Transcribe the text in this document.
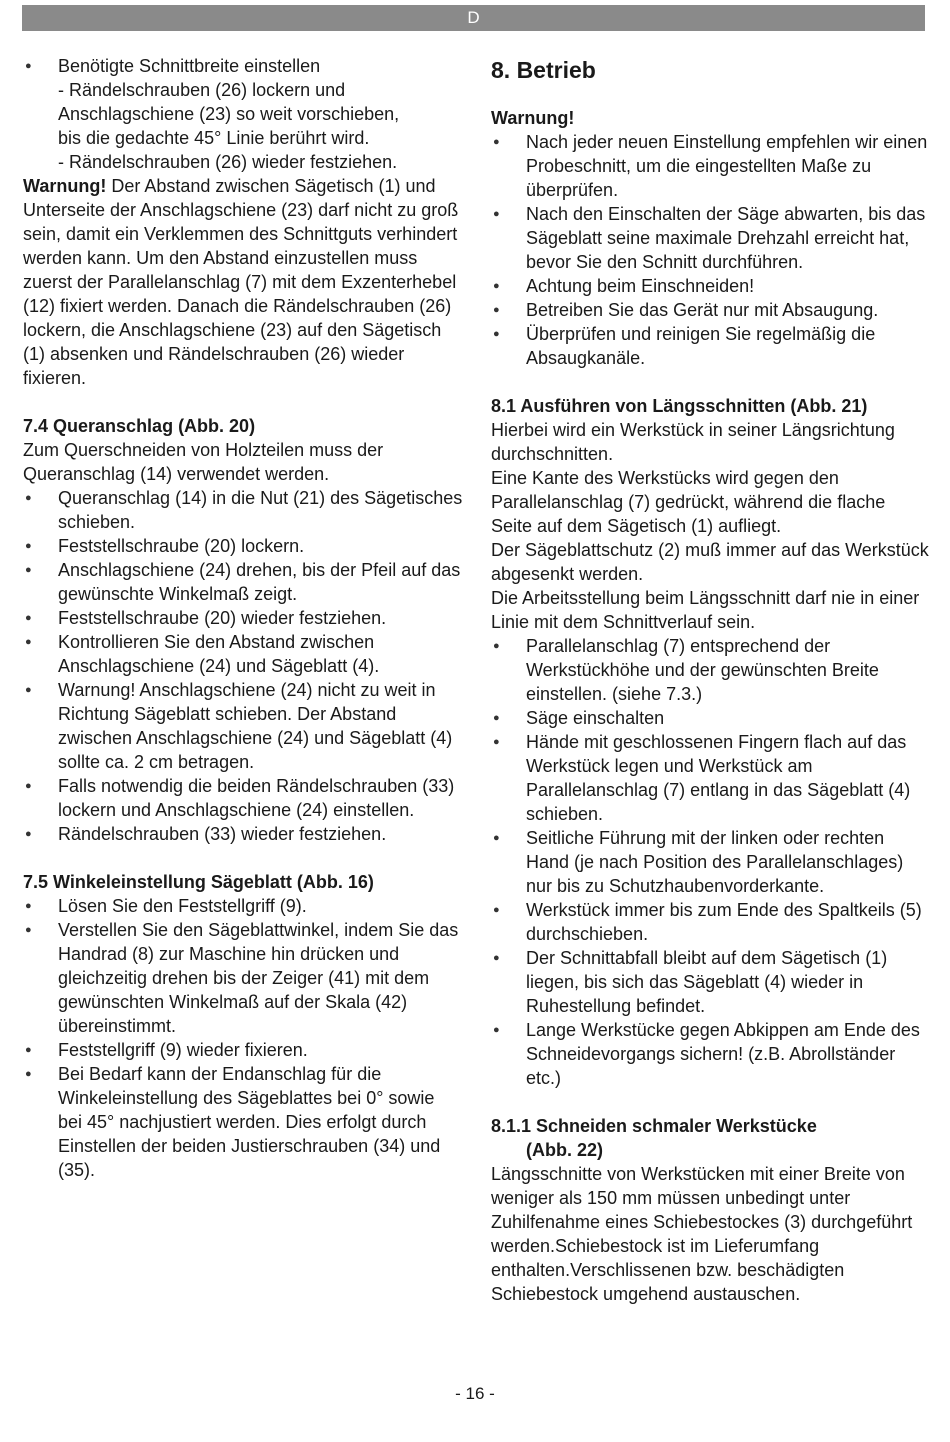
D
● Benötigte Schnittbreite einstellen
- Rändelschrauben (26) lockern und
Anschlagschiene (23) so weit vorschieben,
bis die gedachte 45° Linie berührt wird.
- Rändelschrauben (26) wieder festziehen.

Warnung! Der Abstand zwischen Sägetisch (1) und Unterseite der Anschlagschiene (23) darf nicht zu groß sein, damit ein Verklemmen des Schnittguts verhindert werden kann. Um den Abstand einzustellen muss zuerst der Parallelanschlag (7) mit dem Exzenterhebel (12) fixiert werden. Danach die Rändelschrauben (26) lockern, die Anschlagschiene (23) auf den Sägetisch (1) absenken und Rändelschrauben (26) wieder fixieren.

7.4 Queranschlag (Abb. 20)

Zum Querschneiden von Holzteilen muss der Queranschlag (14) verwendet werden.

● Queranschlag (14) in die Nut (21) des Sägetisches schieben.
● Feststellschraube (20) lockern.
● Anschlagschiene (24) drehen, bis der Pfeil auf das gewünschte Winkelmaß zeigt.
● Feststellschraube (20) wieder festziehen.
● Kontrollieren Sie den Abstand zwischen Anschlagschiene (24) und Sägeblatt (4).
● Warnung! Anschlagschiene (24) nicht zu weit in Richtung Sägeblatt schieben. Der Abstand zwischen Anschlagschiene (24) und Sägeblatt (4) sollte ca. 2 cm betragen.
● Falls notwendig die beiden Rändelschrauben (33) lockern und Anschlagschiene (24) einstellen.
● Rändelschrauben (33) wieder festziehen.
7.5 Winkeleinstellung Sägeblatt (Abb. 16)
● Lösen Sie den Feststellgriff (9).
● Verstellen Sie den Sägeblattwinkel, indem Sie das Handrad (8) zur Maschine hin drücken und gleichzeitig drehen bis der Zeiger (41) mit dem gewünschten Winkelmaß auf der Skala (42) übereinstimmt.
● Feststellgriff (9) wieder fixieren.
● Bei Bedarf kann der Endanschlag für die Winkeleinstellung des Sägeblattes bei 0° sowie bei 45° nachjustiert werden. Dies erfolgt durch Einstellen der beiden Justierschrauben (34) und (35).
8. Betrieb
Warnung!
● Nach jeder neuen Einstellung empfehlen wir einen Probeschnitt, um die eingestellten Maße zu überprüfen.
● Nach den Einschalten der Säge abwarten, bis das Sägeblatt seine maximale Drehzahl erreicht hat, bevor Sie den Schnitt durchführen.
● Achtung beim Einschneiden!
● Betreiben Sie das Gerät nur mit Absaugung.
● Überprüfen und reinigen Sie regelmäßig die Absaugkanäle.
8.1 Ausführen von Längsschnitten (Abb. 21)

Hierbei wird ein Werkstück in seiner Längsrichtung durchschnitten.

Eine Kante des Werkstücks wird gegen den Parallelanschlag (7) gedrückt, während die flache Seite auf dem Sägetisch (1) aufliegt.

Der Sägeblattschutz (2) muß immer auf das Werkstück abgesenkt werden.

Die Arbeitsstellung beim Längsschnitt darf nie in einer Linie mit dem Schnittverlauf sein.

● Parallelanschlag (7) entsprechend der Werkstückhöhe und der gewünschten Breite einstellen. (siehe 7.3.)
● Säge einschalten
● Hände mit geschlossenen Fingern flach auf das Werkstück legen und Werkstück am Parallelanschlag (7) entlang in das Sägeblatt (4) schieben.
● Seitliche Führung mit der linken oder rechten Hand (je nach Position des Parallelanschlages) nur bis zu Schutzhaubenvorderkante.
● Werkstück immer bis zum Ende des Spaltkeils (5) durchschieben.
● Der Schnittabfall bleibt auf dem Sägetisch (1) liegen, bis sich das Sägeblatt (4) wieder in Ruhestellung befindet.
● Lange Werkstücke gegen Abkippen am Ende des Schneidevorgangs sichern! (z.B. Abrollständer etc.)
8.1.1 Schneiden schmaler Werkstücke
(Abb. 22)

Längsschnitte von Werkstücken mit einer Breite von weniger als 150 mm müssen unbedingt unter Zuhilfenahme eines Schiebestockes (3) durchgeführt werden.Schiebestock ist im Lieferumfang enthalten.Verschlissenen bzw. beschädigten Schiebestock umgehend austauschen.

- 16 -
